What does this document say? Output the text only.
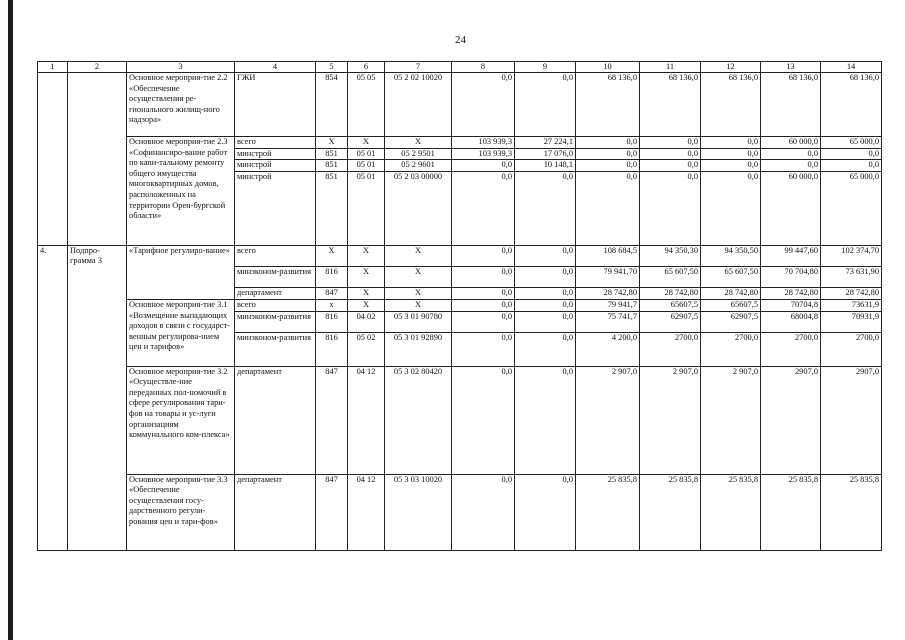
24
1	2	3	4	5	6	7	8	9	10	11	12	13	14
		Основное мероприя-тие 2.2 «Обеспечение осуществления ре-гионального жилищ-ного надзора»	ГЖИ	854	05 05	05 2 02 10020	0,0	0,0	68 136,0	68 136,0	68 136,0	68 136,0	68 136,0
		Основное мероприя-тие 2.3 «Софинансиро-вание работ по капи-тальному ремонту общего имущества многоквартирных домов, расположенных на территории Орен-бургской области»	всего	X	X	X	103 939,3	27 224,1	0,0	0,0	0,0	60 000,0	65 000,0
			минстрой	851	05 01	05 2 9501	103 939,3	17 076,0	0,0	0,0	0,0	0,0	0,0
			минстрой	851	05 01	05 2 9601	0,0	10 148,1	0,0	0,0	0,0	0,0	0,0
			минстрой	851	05 01	05 2 03 00000	0,0	0,0	0,0	0,0	0,0	60 000,0	65 000,0
4.	Подпро-грамма 3	«Тарифное регулиро-вание»	всего	X	X	X	0,0	0,0	108 684,5	94 350,30	94 350,50	99 447,60	102 374,70
			минэконом-развития	816	X	X	0,0	0,0	79 941,70	65 607,50	65 607,50	70 704,80	73 631,90
			департамент	847	X	X	0,0	0,0	28 742,80	28 742,80	28 742,80	28 742,80	28 742,80
		Основное мероприя-тие 3.1 «Возмещение выпадающих доходов в связи с государст-венным регулирова-нием цен и тарифов»	всего	x	X	X	0,0	0,0	79 941,7	65607,5	65607,5	70704,8	73631,9
			минэконом-развития	816	04 02	05 3 01 90780	0,0	0,0	75 741,7	62907,5	62907,5	68004,8	70931,9
			минэконом-развития	816	05 02	05 3 01 92890	0,0	0,0	4 200,0	2700,0	2700,0	2700,0	2700,0
		Основное мероприя-тие 3.2 «Осуществле-ние переданных пол-номочий в сфере регулирования тари-фов на товары и ус-луги организациям коммунального ком-плекса»	департамент	847	04 12	05 3 02 80420	0,0	0,0	2 907,0	2 907,0	2 907,0	2907,0	2907,0
		Основное мероприя-тие 3.3 «Обеспечение осуществления госу-дарственного регули-рования цен и тари-фов»	департамент	847	04 12	05 3 03 10020	0,0	0,0	25 835,8	25 835,8	25 835,8	25 835,8	25 835,8
